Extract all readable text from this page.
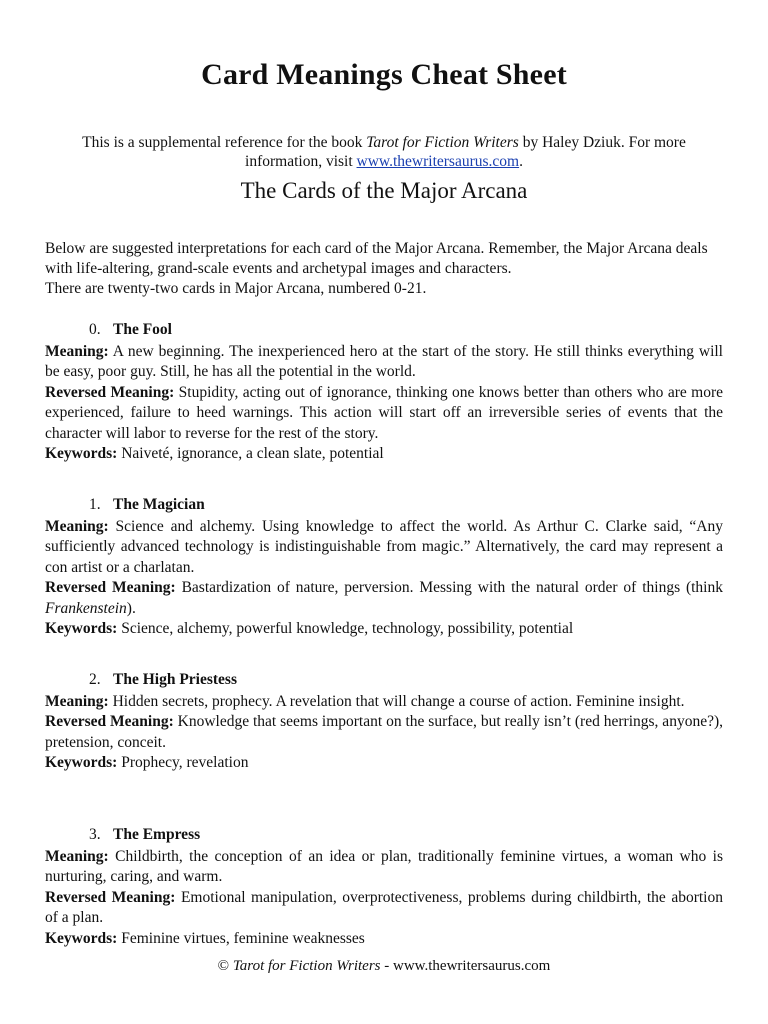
Card Meanings Cheat Sheet
This is a supplemental reference for the book Tarot for Fiction Writers by Haley Dziuk. For more information, visit www.thewritersaurus.com.
The Cards of the Major Arcana

Below are suggested interpretations for each card of the Major Arcana. Remember, the Major Arcana deals with life-altering, grand-scale events and archetypal images and characters.

There are twenty-two cards in Major Arcana, numbered 0-21.

0. The Fool

Meaning: A new beginning. The inexperienced hero at the start of the story. He still thinks everything will be easy, poor guy. Still, he has all the potential in the world.

Reversed Meaning: Stupidity, acting out of ignorance, thinking one knows better than others who are more experienced, failure to heed warnings. This action will start off an irreversible series of events that the character will labor to reverse for the rest of the story.

Keywords: Naiveté, ignorance, a clean slate, potential

1. The Magician

Meaning: Science and alchemy. Using knowledge to affect the world. As Arthur C. Clarke said, “Any sufficiently advanced technology is indistinguishable from magic.” Alternatively, the card may represent a con artist or a charlatan.

Reversed Meaning: Bastardization of nature, perversion. Messing with the natural order of things (think Frankenstein).

Keywords: Science, alchemy, powerful knowledge, technology, possibility, potential

2. The High Priestess

Meaning: Hidden secrets, prophecy. A revelation that will change a course of action. Feminine insight.

Reversed Meaning: Knowledge that seems important on the surface, but really isn’t (red herrings, anyone?), pretension, conceit.

Keywords: Prophecy, revelation

3. The Empress

Meaning: Childbirth, the conception of an idea or plan, traditionally feminine virtues, a woman who is nurturing, caring, and warm.

Reversed Meaning: Emotional manipulation, overprotectiveness, problems during childbirth, the abortion of a plan.

Keywords: Feminine virtues, feminine weaknesses

© Tarot for Fiction Writers - www.thewritersaurus.com
